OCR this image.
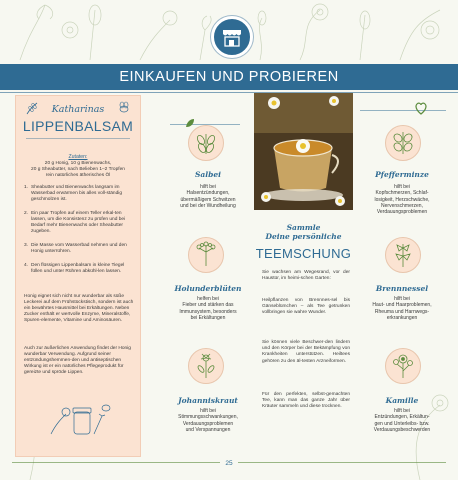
EINKAUFEN UND PROBIEREN
Katharinas
LIPPENBALSAM
Zutaten:
20 g Honig, 10 g Bienenwachs,
20 g Sheabutter, nach Belieben 1–2 Tropfen
rein natürliches ätherisches Öl
1. Sheabutter und Bienenwachs langsam im Wasserbad erwärmen bis alles voll-ständig geschmolzen ist.
2. Ein paar Tropfen auf einem Teller erkal-ten lassen, um die Konsistenz zu prüfen und bei Bedarf mehr Bienenwachs oder Sheabutter zugeben.
3. Die Masse vom Wasserbad nehmen und den Honig unterrühren.
4. Den flüssigen Lippenbalsam in kleine Tiegel füllen und unter Rühren abkühl-len lassen.
Honig eignet sich nicht nur wunderbar als süße Leckerei auf dem Frühstückstisch, sondern ist auch ein bewährtes Hausmittel bei Erkältungen. Neben Zucker enthält er wertvolle Enzyme, Mineralstoffe, Spuren-elemente, Vitamine und Aminosäuren.
Auch zur äußerlichen Anwendung findet der Honig wunderbar Verwendung. Aufgrund seiner entzündungshemmen-den und antiseptischen Wirkung ist er ein natürliches Pflegeprodukt für gereizte und spröde Lippen.
Salbei
hilft bei
Halsentzündungen,
übermäßigem Schwitzen
und bei der Wundheilung
Holunderblüten
helfen bei
Fieber und stärken das
Immunsystem, besonders
bei Erkältungen
Johanniskraut
hilft bei
Stimmungsschwankungen,
Verdauungsproblemen
und Verspannungen
Sammle
Deine persönliche
TEEMSCHUNG
Sie wachsen am Wegesrand, vor der Haustür, im heimi-schen Garten:
Heilpflanzen von Brennnes-sel bis Gänseblümchen – als Tee getrunken vollbringen sie wahre Wunder.
Sie können viele Beschwer-den lindern und den Körper bei der Bekämpfung von Krankheiten unterstützen. Heiltees gehören zu den äl-testen Arzneiformen.
Für den perfekten, selbst-gemachten Tee, kann man das ganze Jahr über Kräuter sammeln und diese trocknen.
Pfefferminze
hilft bei
Kopfschmerzen, Schlaf-
losigkeit, Herzschwäche,
Nervenschmerzen,
Verdauungsproblemen
Brennnessel
hilft bei
Haut- und Haarproblemen,
Rheuma und Harnwegs-
erkrankungen
Kamille
hilft bei
Entzündungen, Erkältun-
gen und Unterleibs- bzw.
Verdauungsbeschwerden
25
